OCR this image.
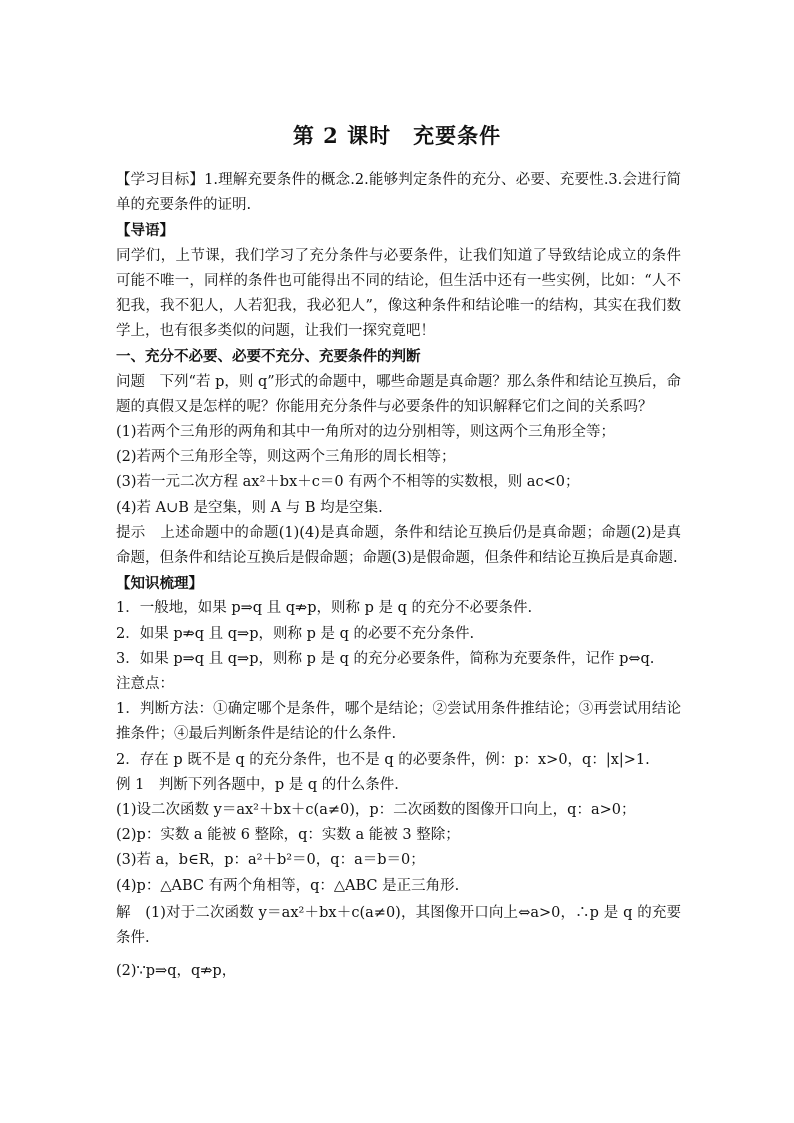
第 2 课时　充要条件

【学习目标】1.理解充要条件的概念.2.能够判定条件的充分、必要、充要性.3.会进行简单的充要条件的证明.

【导语】

同学们，上节课，我们学习了充分条件与必要条件，让我们知道了导致结论成立的条件可能不唯一，同样的条件也可能得出不同的结论，但生活中还有一些实例，比如：“人不犯我，我不犯人，人若犯我，我必犯人”，像这种条件和结论唯一的结构，其实在我们数学上，也有很多类似的问题，让我们一探究竟吧！

一、充分不必要、必要不充分、充要条件的判断

问题　下列“若 p，则 q”形式的命题中，哪些命题是真命题？那么条件和结论互换后，命题的真假又是怎样的呢？你能用充分条件与必要条件的知识解释它们之间的关系吗？

(1)若两个三角形的两角和其中一角所对的边分别相等，则这两个三角形全等；

(2)若两个三角形全等，则这两个三角形的周长相等；

(3)若一元二次方程 ax²＋bx＋c＝0 有两个不相等的实数根，则 ac<0；

(4)若 A∪B 是空集，则 A 与 B 均是空集.

提示　上述命题中的命题(1)(4)是真命题，条件和结论互换后仍是真命题；命题(2)是真命题，但条件和结论互换后是假命题；命题(3)是假命题，但条件和结论互换后是真命题.

【知识梳理】

1．一般地，如果 p⇒q 且 q⇏p，则称 p 是 q 的充分不必要条件.

2．如果 p⇏q 且 q⇒p，则称 p 是 q 的必要不充分条件.

3．如果 p⇒q 且 q⇒p，则称 p 是 q 的充分必要条件，简称为充要条件，记作 p⇔q.

注意点：

1．判断方法：①确定哪个是条件，哪个是结论；②尝试用条件推结论；③再尝试用结论推条件；④最后判断条件是结论的什么条件.

2．存在 p 既不是 q 的充分条件，也不是 q 的必要条件，例：p：x>0，q：|x|>1.

例 1　判断下列各题中，p 是 q 的什么条件.

(1)设二次函数 y＝ax²＋bx＋c(a≠0)，p：二次函数的图像开口向上，q：a>0；

(2)p：实数 a 能被 6 整除，q：实数 a 能被 3 整除；

(3)若 a，b∈R，p：a²＋b²＝0，q：a＝b＝0；

(4)p：△ABC 有两个角相等，q：△ABC 是正三角形.

解　(1)对于二次函数 y＝ax²＋bx＋c(a≠0)，其图像开口向上⇔a>0，∴p 是 q 的充要条件.

(2)∵p⇒q，q⇏p，
